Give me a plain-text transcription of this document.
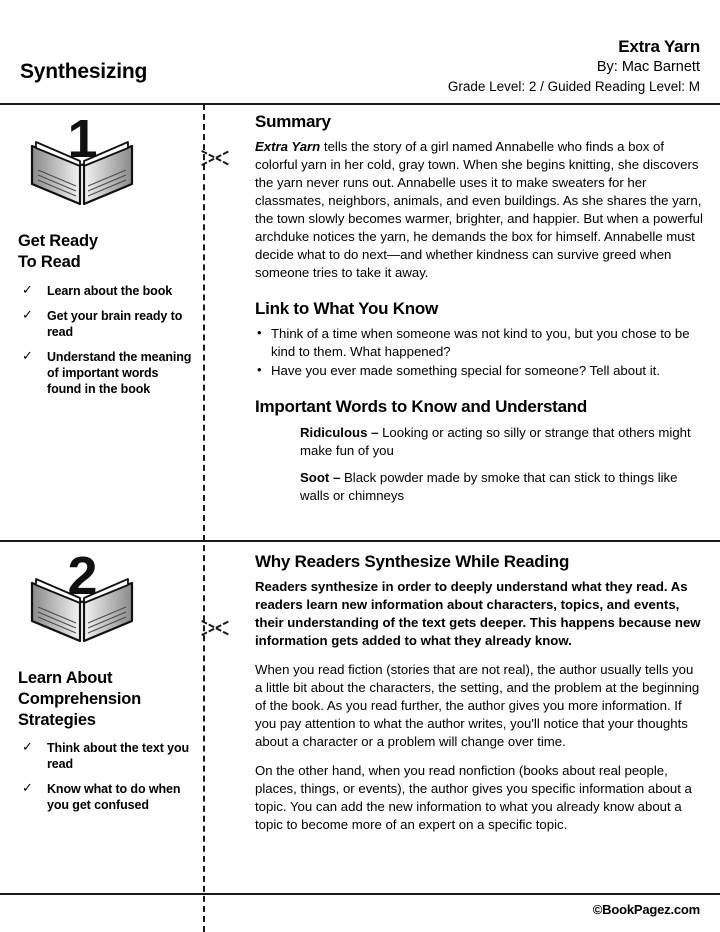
Synthesizing
Extra Yarn
By: Mac Barnett
Grade Level: 2 / Guided Reading Level: M
1
Get Ready
To Read
✓ Learn about the book
✓ Get your brain ready to read
✓ Understand the meaning of important words found in the book
Summary

Extra Yarn tells the story of a girl named Annabelle who finds a box of colorful yarn in her cold, gray town. When she begins knitting, she discovers the yarn never runs out. Annabelle uses it to make sweaters for her classmates, neighbors, animals, and even buildings. As she shares the yarn, the town slowly becomes warmer, brighter, and happier. But when a powerful archduke notices the yarn, he demands the box for himself. Annabelle must decide what to do next—and whether kindness can survive greed when someone tries to take it away.

Link to What You Know
• Think of a time when someone was not kind to you, but you chose to be kind to them. What happened?
• Have you ever made something special for someone? Tell about it.
Important Words to Know and Understand

Ridiculous – Looking or acting so silly or strange that others might make fun of you

Soot – Black powder made by smoke that can stick to things like walls or chimneys

2
Learn About
Comprehension
Strategies
✓ Think about the text you read
✓ Know what to do when you get confused
Why Readers Synthesize While Reading

Readers synthesize in order to deeply understand what they read. As readers learn new information about characters, topics, and events, their understanding of the text gets deeper. This happens because new information gets added to what they already know.

When you read fiction (stories that are not real), the author usually tells you a little bit about the characters, the setting, and the problem at the beginning of the book. As you read further, the author gives you more information. If you pay attention to what the author writes, you'll notice that your thoughts about a character or a problem will change over time.

On the other hand, when you read nonfiction (books about real people, places, things, or events), the author gives you specific information about a topic. You can add the new information to what you already know about a topic to become more of an expert on a specific topic.

©BookPagez.com
